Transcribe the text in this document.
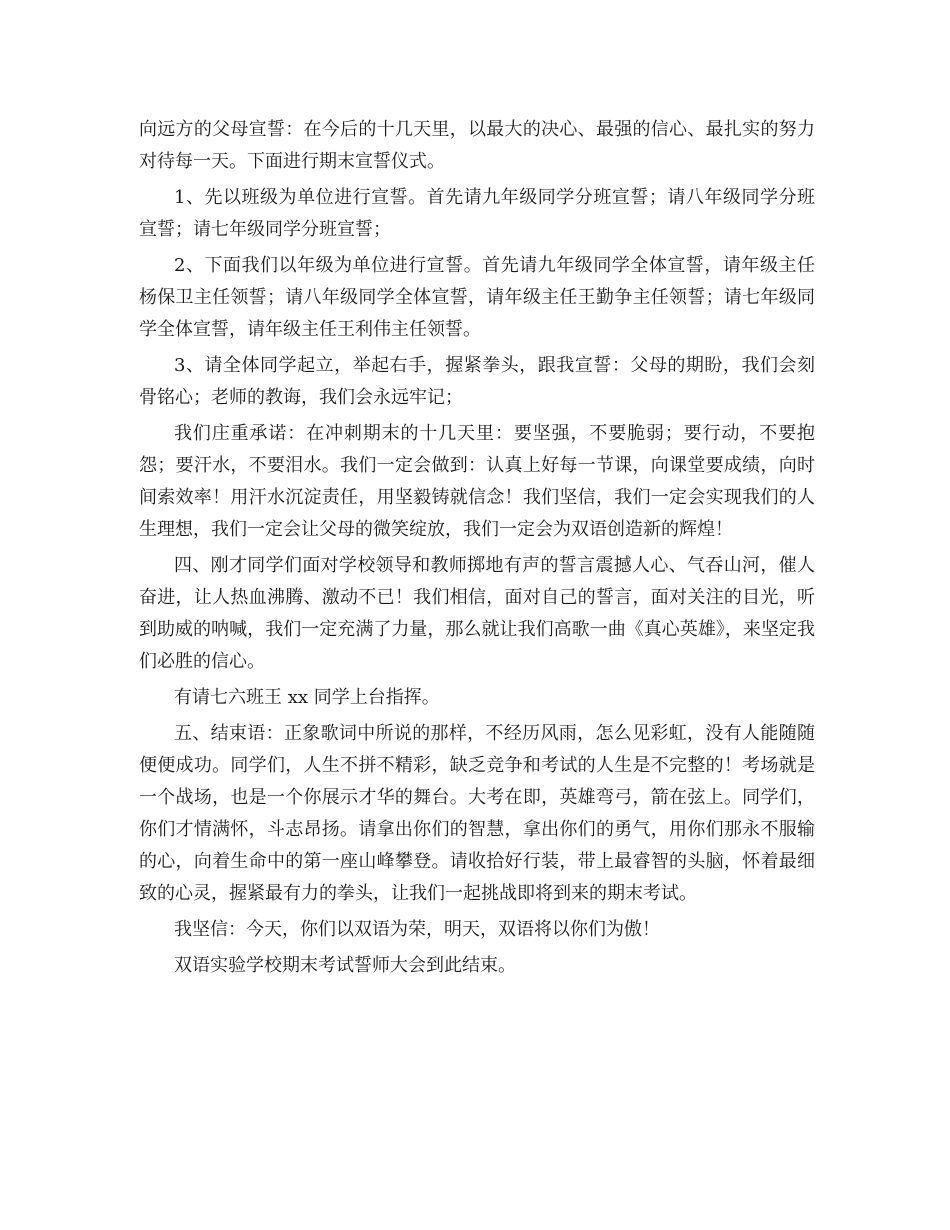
向远方的父母宣誓：在今后的十几天里，以最大的决心、最强的信心、最扎实的努力对待每一天。下面进行期末宣誓仪式。

1、先以班级为单位进行宣誓。首先请九年级同学分班宣誓；请八年级同学分班宣誓；请七年级同学分班宣誓；

2、下面我们以年级为单位进行宣誓。首先请九年级同学全体宣誓，请年级主任杨保卫主任领誓；请八年级同学全体宣誓，请年级主任王勤争主任领誓；请七年级同学全体宣誓，请年级主任王利伟主任领誓。

3、请全体同学起立，举起右手，握紧拳头，跟我宣誓：父母的期盼，我们会刻骨铭心；老师的教诲，我们会永远牢记；

我们庄重承诺：在冲刺期末的十几天里：要坚强，不要脆弱；要行动，不要抱怨；要汗水，不要泪水。我们一定会做到：认真上好每一节课，向课堂要成绩，向时间索效率！用汗水沉淀责任，用坚毅铸就信念！我们坚信，我们一定会实现我们的人生理想，我们一定会让父母的微笑绽放，我们一定会为双语创造新的辉煌！

四、刚才同学们面对学校领导和教师掷地有声的誓言震撼人心、气吞山河，催人奋进，让人热血沸腾、激动不已！我们相信，面对自己的誓言，面对关注的目光，听到助威的呐喊，我们一定充满了力量，那么就让我们高歌一曲《真心英雄》，来坚定我们必胜的信心。

有请七六班王 xx 同学上台指挥。

五、结束语：正象歌词中所说的那样，不经历风雨，怎么见彩虹，没有人能随随便便成功。同学们，人生不拼不精彩，缺乏竞争和考试的人生是不完整的！考场就是一个战场，也是一个你展示才华的舞台。大考在即，英雄弯弓，箭在弦上。同学们，你们才情满怀，斗志昂扬。请拿出你们的智慧，拿出你们的勇气，用你们那永不服输的心，向着生命中的第一座山峰攀登。请收拾好行装，带上最睿智的头脑，怀着最细致的心灵，握紧最有力的拳头，让我们一起挑战即将到来的期末考试。

我坚信：今天，你们以双语为荣，明天，双语将以你们为傲！

双语实验学校期末考试誓师大会到此结束。
